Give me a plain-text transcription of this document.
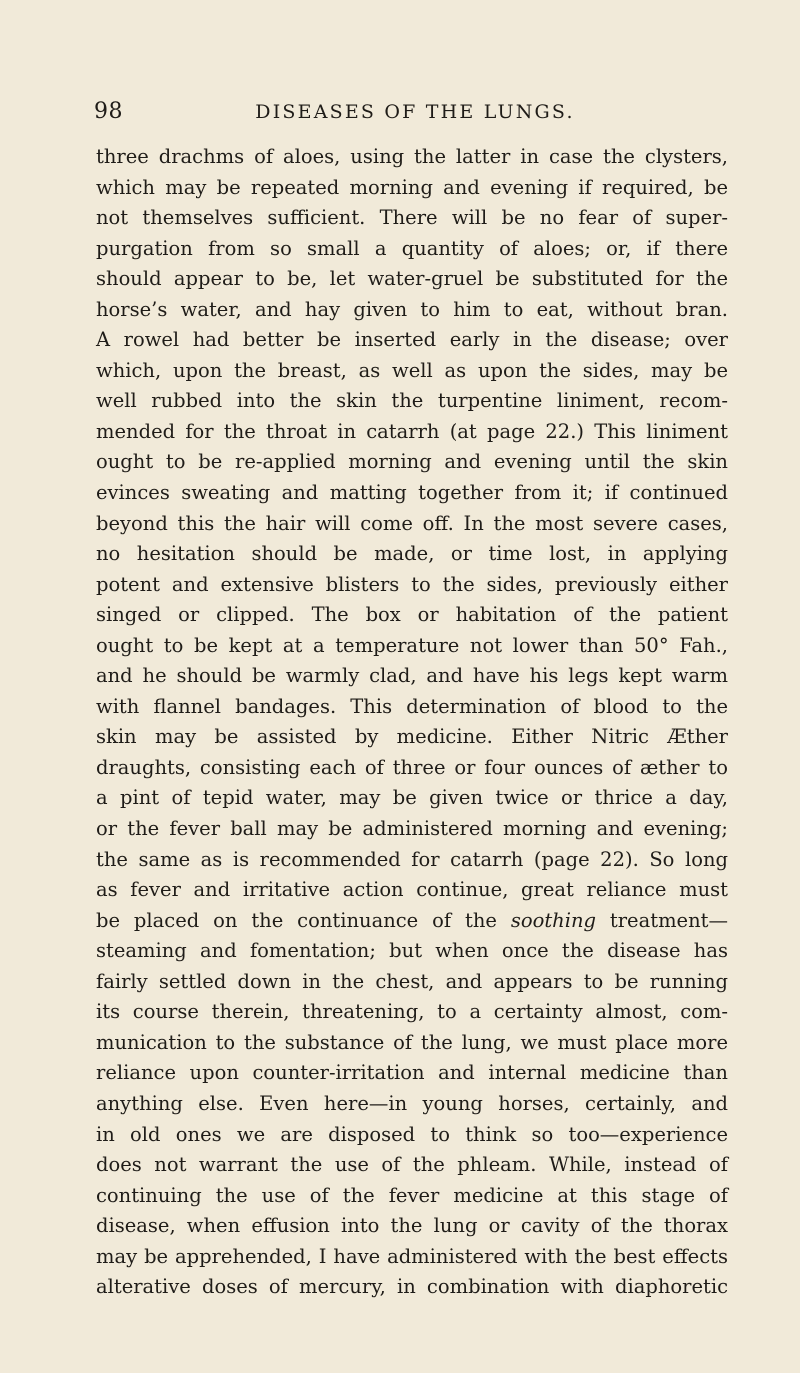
98	DISEASES OF THE LUNGS.
three drachms of aloes, using the latter in case the clysters,
which may be repeated morning and evening if required, be
not themselves sufficient. There will be no fear of super-
purgation from so small a quantity of aloes; or, if there
should appear to be, let water-gruel be substituted for the
horse’s water, and hay given to him to eat, without bran.
A rowel had better be inserted early in the disease; over
which, upon the breast, as well as upon the sides, may be
well rubbed into the skin the turpentine liniment, recom-
mended for the throat in catarrh (at page 22.) This liniment
ought to be re-applied morning and evening until the skin
evinces sweating and matting together from it; if continued
beyond this the hair will come off. In the most severe cases,
no hesitation should be made, or time lost, in applying
potent and extensive blisters to the sides, previously either
singed or clipped. The box or habitation of the patient
ought to be kept at a temperature not lower than 50° Fah.,
and he should be warmly clad, and have his legs kept warm
with flannel bandages. This determination of blood to the
skin may be assisted by medicine. Either Nitric Æther
draughts, consisting each of three or four ounces of æther to
a pint of tepid water, may be given twice or thrice a day,
or the fever ball may be administered morning and evening;
the same as is recommended for catarrh (page 22). So long
as fever and irritative action continue, great reliance must
be placed on the continuance of the soothing treatment—
steaming and fomentation; but when once the disease has
fairly settled down in the chest, and appears to be running
its course therein, threatening, to a certainty almost, com-
munication to the substance of the lung, we must place more
reliance upon counter-irritation and internal medicine than
anything else. Even here—in young horses, certainly, and
in old ones we are disposed to think so too—experience
does not warrant the use of the phleam. While, instead of
continuing the use of the fever medicine at this stage of
disease, when effusion into the lung or cavity of the thorax
may be apprehended, I have administered with the best effects
alterative doses of mercury, in combination with diaphoretic
